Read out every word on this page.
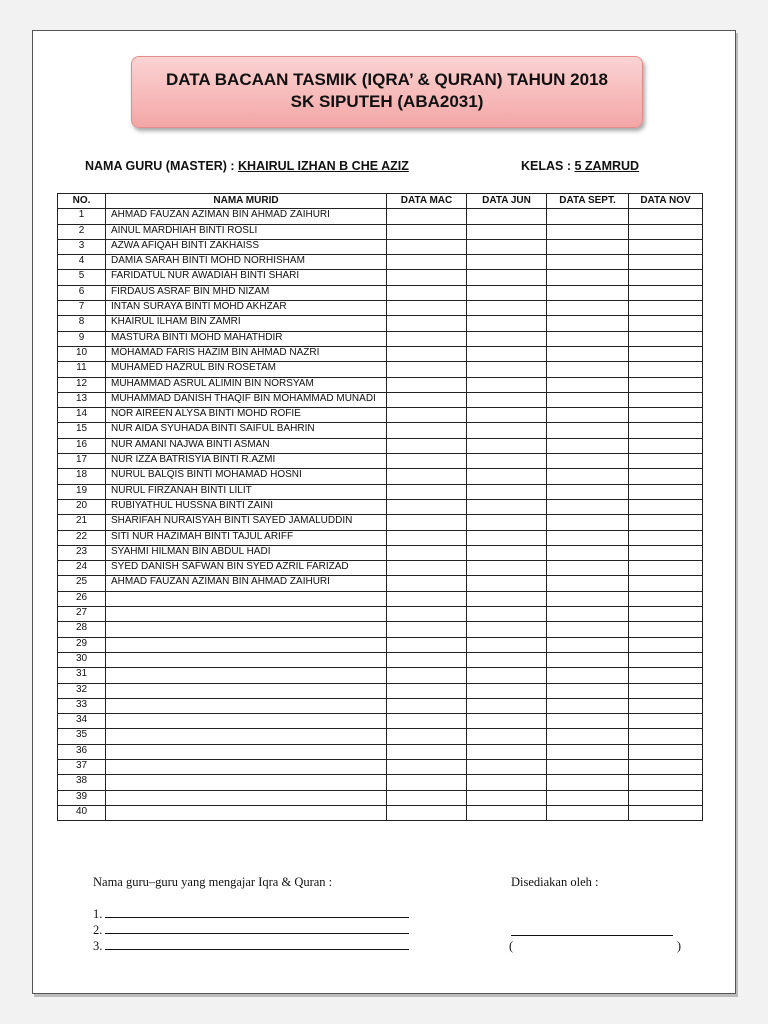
DATA BACAAN TASMIK (IQRA’ & QURAN) TAHUN 2018
SK SIPUTEH (ABA2031)
NAMA GURU (MASTER) : KHAIRUL IZHAN B CHE AZIZ	KELAS : 5 ZAMRUD
NO.	NAMA MURID	DATA MAC	DATA JUN	DATA SEPT.	DATA NOV
1	AHMAD FAUZAN AZIMAN BIN AHMAD ZAIHURI				
2	AINUL MARDHIAH BINTI ROSLI				
3	AZWA AFIQAH BINTI ZAKHAISS				
4	DAMIA SARAH BINTI MOHD NORHISHAM				
5	FARIDATUL NUR AWADIAH BINTI SHARI				
6	FIRDAUS ASRAF BIN MHD NIZAM				
7	INTAN SURAYA BINTI MOHD AKHZAR				
8	KHAIRUL ILHAM BIN ZAMRI				
9	MASTURA BINTI MOHD MAHATHDIR				
10	MOHAMAD FARIS HAZIM BIN AHMAD NAZRI				
11	MUHAMED HAZRUL BIN ROSETAM				
12	MUHAMMAD ASRUL ALIMIN BIN NORSYAM				
13	MUHAMMAD DANISH THAQIF BIN MOHAMMAD MUNADI				
14	NOR AIREEN ALYSA BINTI MOHD ROFIE				
15	NUR AIDA SYUHADA BINTI SAIFUL BAHRIN				
16	NUR AMANI NAJWA BINTI ASMAN				
17	NUR IZZA BATRISYIA BINTI R.AZMI				
18	NURUL BALQIS BINTI MOHAMAD HOSNI				
19	NURUL FIRZANAH BINTI LILIT				
20	RUBIYATHUL HUSSNA BINTI ZAINI				
21	SHARIFAH NURAISYAH BINTI SAYED JAMALUDDIN				
22	SITI NUR HAZIMAH BINTI TAJUL ARIFF				
23	SYAHMI HILMAN BIN ABDUL HADI				
24	SYED DANISH SAFWAN BIN SYED AZRIL FARIZAD				
25	AHMAD FAUZAN AZIMAN BIN AHMAD ZAIHURI				
26					
27					
28					
29					
30					
31					
32					
33					
34					
35					
36					
37					
38					
39					
40					
Nama guru–guru yang mengajar Iqra & Quran :	Disediakan oleh :
1.
2.
3.	(	)
